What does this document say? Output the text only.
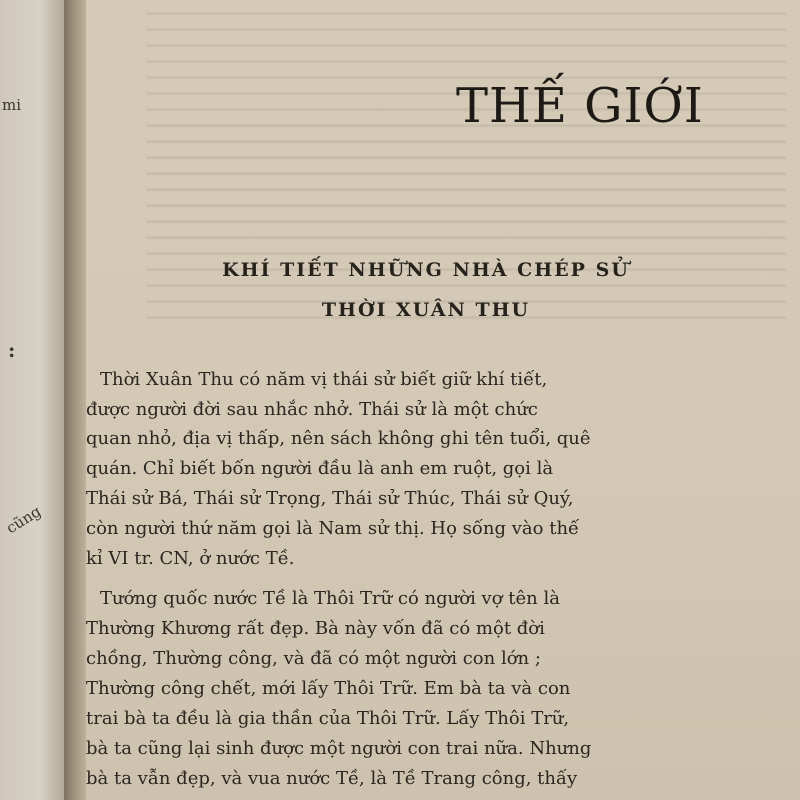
mi
:
cũng
THẾ GIỚI
KHÍ TIẾT NHỮNG NHÀ CHÉP SỬ
THỜI XUÂN THU
Thời Xuân Thu có năm vị thái sử biết giữ khí tiết,
được người đời sau nhắc nhở. Thái sử là một chức
quan nhỏ, địa vị thấp, nên sách không ghi tên tuổi, quê
quán. Chỉ biết bốn người đầu là anh em ruột, gọi là
Thái sử Bá, Thái sử Trọng, Thái sử Thúc, Thái sử Quý,
còn người thứ năm gọi là Nam sử thị. Họ sống vào thế
kỉ VI tr. CN, ở nước Tề.
Tướng quốc nước Tề là Thôi Trữ có người vợ tên là
Thường Khương rất đẹp. Bà này vốn đã có một đời
chồng, Thường công, và đã có một người con lớn ;
Thường công chết, mới lấy Thôi Trữ. Em bà ta và con
trai bà ta đều là gia thần của Thôi Trữ. Lấy Thôi Trữ,
bà ta cũng lại sinh được một người con trai nữa. Nhưng
bà ta vẫn đẹp, và vua nước Tề, là Tề Trang công, thấy
